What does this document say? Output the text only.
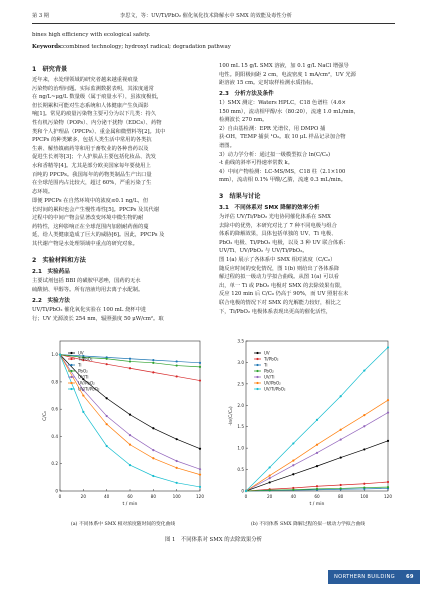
第 3 期	李思文，等：UV/Ti/PbO₂ 催化氧化技术降解水中 SMX 的效能及毒性分析
bines high efficiency with ecological safety.
Keywords:combined technology; hydroxyl radical; degradation pathway
1　研究背景
近年来，水处理领域的研究者越来越重视痕量
污染物的治理问题。实际监测数据表明，其浓度通常
在 ng/L~μg/L 数量级（属于痕量水平），虽浓度极低，
但长期累积可能对生态系统和人体健康产生负面影
响[1]。常见的痕量污染物主要可分为以下几类：持久
性有机污染物（POPs）、内分泌干扰物（EDCs）、药物
类和个人护理品（PPCPs）、重金属和微塑料等[2]。其中
PPCPs 的种类繁多，包括人类生活中常用的各类抗
生素、解热镇痛药等和用于畜牧业的各种兽药以及
促进生长剂等[3]；个人护肤品主要包括化妆品、洗发
水和香精等[4]。尤其是部分欧美国家每年要使用上
百吨的 PPCPs。我国每年的药物类制品生产出口量
在全球范围内占比较大，超过 60%，严重污染了生
态环境。
即便 PPCPs 在自然环境中的浓度≤0.1 ng/L，但
长时间的累积也会产生慢性毒性[5]。PPCPs 及其代谢
过程中的中间产物会显著改变环境中微生物的耐
药特性，这种影响正在全球范围内加剧耐药菌的蔓
延，给人类健康造成了巨大的威胁[6]。因此，PPCPs 及
其代谢产物是水处理领域中重点的研究对象。
2　实验材料和方法
2.1　实验药品
主要试剂包括 BBI 的磺胺甲恶唑，国药的无水
硫酸钠、甲醇等。所有溶液均用去离子水配制。
2.2　实验方法
UV/Ti/PbO₂ 催化氧化实验在 100 mL 烧杯中进
行；UV 光源波长 254 nm，辐照强度 50 μW/cm²。取
100 mL 15 g/L SMX 溶液，加 0.1 g/L NaCl 增强导
电性。阴阳极间距 2 cm，电流密度 1 mA/cm²，UV 光源
距溶液 15 cm。定时取样检测水质指标。
2.3　分析方法及条件
1）SMX 测定：Waters HPLC，C18 色谱柱（4.6×
150 mm），流动相甲醇/水（80:20），流速 1.0 mL/min，
检测波长 270 nm。
2）自由基检测：EPR 光谱仪，用 DMPO 捕
获·OH，TEMP 捕获 ¹O₂。取 10 μL 样品记录加合物
谱图。
3）动力学分析：通过拟一级模型拟合 ln(C/C₀)
-t 曲线的斜率可得速率常数 k。
4）中间产物检测：LC-MS/MS，C18 柱（2.1×100
mm），流动相 0.1% 甲酸/乙腈，流速 0.3 mL/min。
3　结果与讨论
3.1　不同体系对 SMX 降解的效率分析
为评估 UV/Ti/PbO₂ 光电协同催化体系在 SMX
去除中的优势，本研究对比了 7 种不同电极与组合
体系的降解效果，具体包括单独的 UV、Ti 电极、
PbO₂ 电极、Ti/PbO₂ 电极，以及 3 种 UV 联合体系：
UV/Ti、UV/PbO₂ 与 UV/Ti/PbO₂。
图 1(a) 展示了各体系中 SMX 相对浓度（C/C₀）
随反应时间的变化情况，图 1(b) 则给出了各体系降
解过程的拟一级动力学拟合曲线。从图 1(a) 可以看
出，单一 Ti 或 PbO₂ 电极对 SMX 的去除效果有限，
反应 120 min 后 C/C₀ 仍高于 90%，而 UV 照射在未
联合电极的情况下对 SMX 的光解能力较好，相比之
下，Ti/PbO₂ 电极体系表现出更高的催化活性，
0	20	40	60	80	100	120
0
0.2
0.4
0.6
0.8
1.0
t / min
C/C₀
UV
Ti/PbO₂
Ti
PbO₂
UV/Ti
UV/PbO₂
UV/Ti/PbO₂
0	20	40	60	80	100	120
0
0.5
1.0
1.5
2.0
2.5
3.0
3.5
t / min
-ln(C/C₀)
UV
Ti/PbO₂
Ti
PbO₂
UV/Ti
UV/PbO₂
UV/Ti/PbO₂
(a) 不同体系中 SMX 相对浓度随时间的变化曲线	(b) 不同体系 SMX 降解过程的拟一级动力学拟合曲线
图 1　不同体系对 SMX 的去除效果分析
NORTHERN BUILDING 69
